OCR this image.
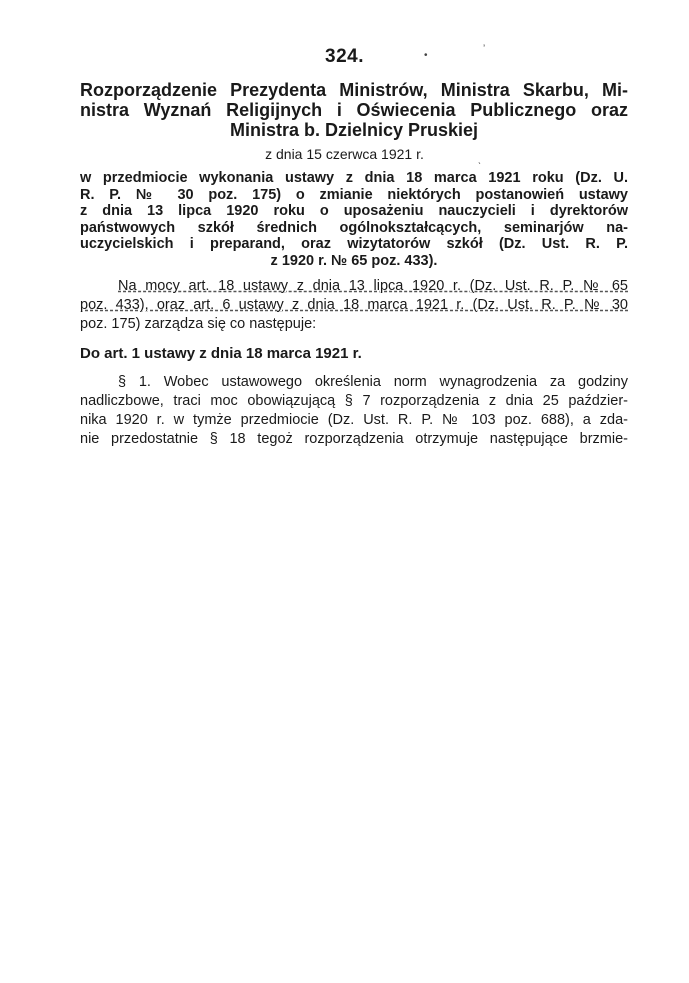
324.	•
ʼ
Rozporządzenie Prezydenta Ministrów, Ministra Skarbu, Mi-
nistra Wyznań Religijnych i Oświecenia Publicznego oraz
Ministra b. Dzielnicy Pruskiej
z dnia 15 czerwca 1921 r.	ˎ
w przedmiocie wykonania ustawy z dnia 18 marca 1921 roku (Dz. U.
R. P. № 30 poz. 175) o zmianie niektórych postanowień ustawy
z dnia 13 lipca 1920 roku o uposażeniu nauczycieli i dyrektorów
państwowych szkół średnich ogólnokształcących, seminarjów na-
uczycielskich i preparand, oraz wizytatorów szkół (Dz. Ust. R. P.
z 1920 r. № 65 poz. 433).
Na mocy art. 18 ustawy z dnia 13 lipca 1920 r. (Dz. Ust. R. P. № 65
poz. 433), oraz art. 6 ustawy z dnia 18 marca 1921 r. (Dz. Ust. R. P. № 30
poz. 175) zarządza się co następuje:
Do art. 1 ustawy z dnia 18 marca 1921 r.
§ 1. Wobec ustawowego określenia norm wynagrodzenia za godziny
nadliczbowe, traci moc obowiązującą § 7 rozporządzenia z dnia 25 paździer-
nika 1920 r. w tymże przedmiocie (Dz. Ust. R. P. № 103 poz. 688), a zda-
nie przedostatnie § 18 tegoż rozporządzenia otrzymuje następujące brzmie-
